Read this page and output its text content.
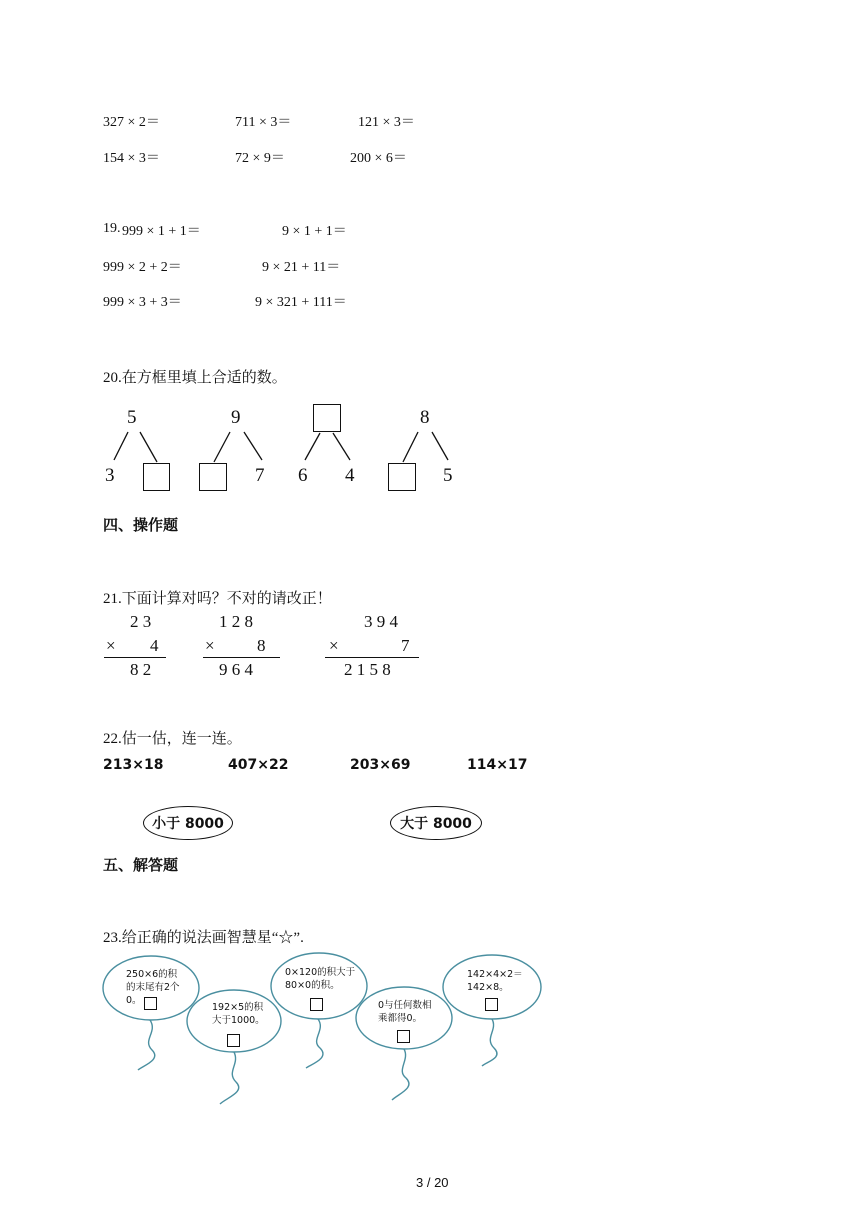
327 × 2＝	711 × 3＝	121 × 3＝
154 × 3＝	72 × 9＝	200 × 6＝
19. 999 × 1 + 1＝	9 × 1 + 1＝
999 × 2 + 2＝	9 × 21 + 11＝
999 × 3 + 3＝	9 × 321 + 111＝
20.在方框里填上合适的数。
5
3
9
7 6 4
8
5
四、操作题
21.下面计算对吗？不对的请改正！
2 3
× 4
8 2
1 2 8
× 8
9 6 4
3 9 4
×	7
2 1 5 8
22.估一估，连一连。
213×18	407×22	203×69	114×17
小于 8000	大于 8000
五、解答题
23.给正确的说法画智慧星“☆”.
250×6的积的末尾有2个0。
192×5的积大于1000。
0×120的积大于80×0的积。
0与任何数相乘都得0。
142×4×2＝142×8。
3 / 20
